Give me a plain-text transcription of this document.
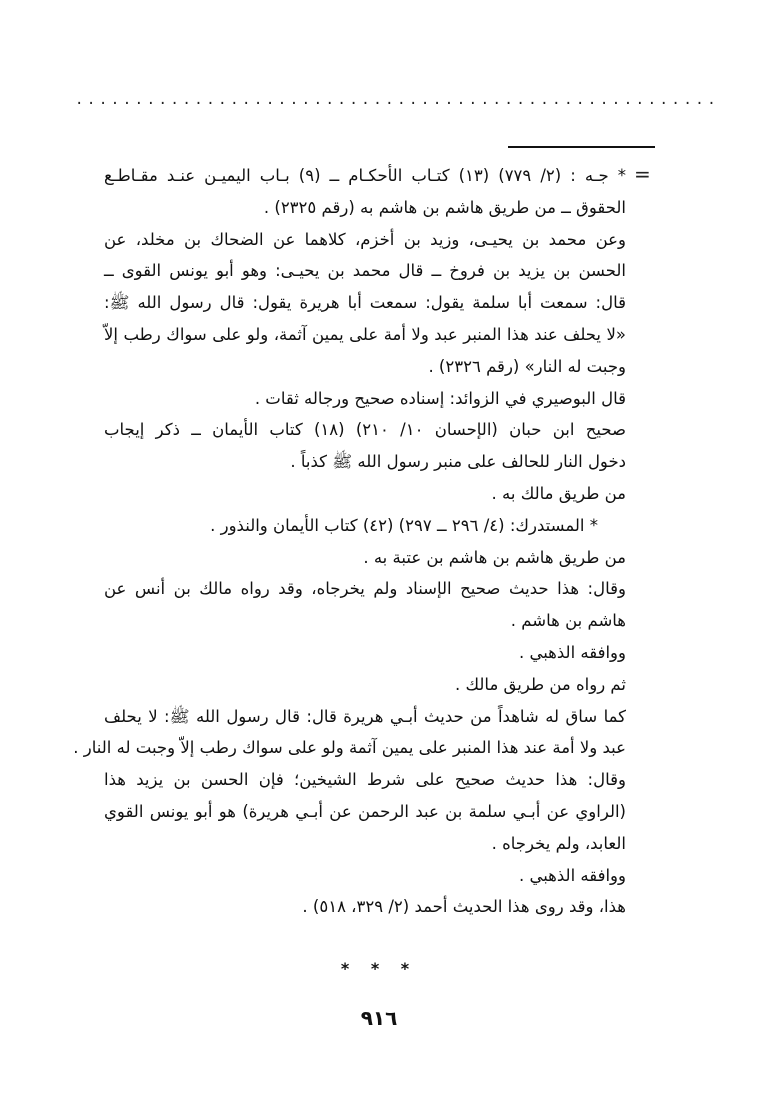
......................................................
=
* جـه : (٢/ ٧٧٩) (١٣) كتـاب الأحكـام ــ (٩) بـاب اليميـن عنـد مقـاطـع
الحقوق ــ من طريق هاشم بن هاشم به (رقم ٢٣٢٥) .
وعن محمد بن يحيـى، وزيد بن أخزم، كلاهما عن الضحاك بن مخلد، عن
الحسن بن يزيد بن فروخ ــ قال محمد بن يحيـى: وهو أبو يونس القوى ــ
قال: سمعت أبا سلمة يقول: سمعت أبا هريرة يقول: قال رسول الله ﷺ:
«لا يحلف عند هذا المنبر عبد ولا أمة على يمين آثمة، ولو على سواك رطب إلاّ
وجبت له النار» (رقم ٢٣٢٦) .
قال البوصيري في الزوائد: إسناده صحيح ورجاله ثقات .
صحيح ابن حبان (الإحسان ١٠/ ٢١٠) (١٨) كتاب الأيمان ــ ذكر إيجاب
دخول النار للحالف على منبر رسول الله ﷺ كذباً .
من طريق مالك به .
* المستدرك: (٤/ ٢٩٦ ــ ٢٩٧) (٤٢) كتاب الأيمان والنذور .
من طريق هاشم بن هاشم بن عتبة به .
وقال: هذا حديث صحيح الإسناد ولم يخرجاه، وقد رواه مالك بن أنس عن
هاشم بن هاشم .
ووافقه الذهبي .
ثم رواه من طريق مالك .
كما ساق له شاهداً من حديث أبـي هريرة قال: قال رسول الله ﷺ: لا يحلف
عبد ولا أمة عند هذا المنبر على يمين آثمة ولو على سواك رطب إلاّ وجبت له النار .
وقال: هذا حديث صحيح على شرط الشيخين؛ فإن الحسن بن يزيد هذا
(الراوي عن أبـي سلمة بن عبد الرحمن عن أبـي هريرة) هو أبو يونس القوي
العابد، ولم يخرجاه .
ووافقه الذهبي .
هذا، وقد روى هذا الحديث أحمد (٢/ ٣٢٩، ٥١٨) .
* * *
٩١٦
